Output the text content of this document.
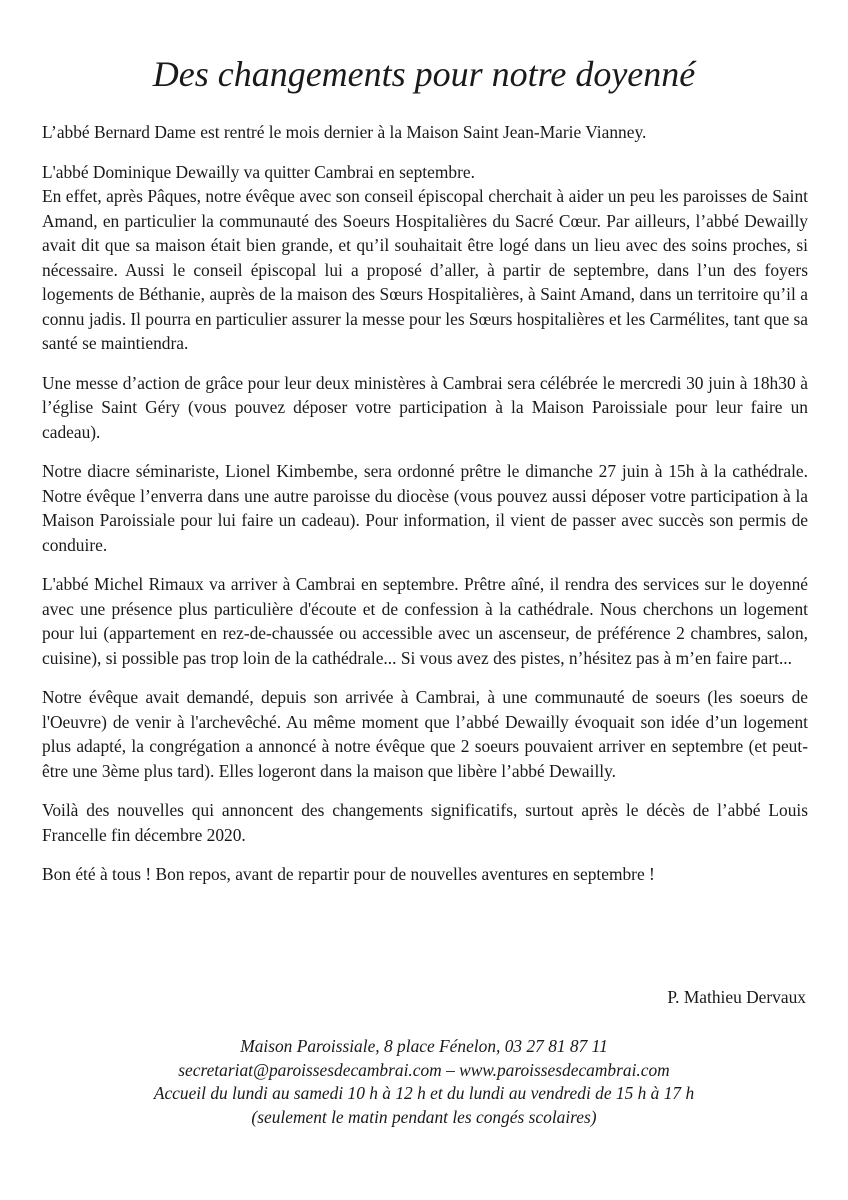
Des changements pour notre doyenné

L’abbé Bernard Dame est rentré le mois dernier à la Maison Saint Jean-Marie Vianney.

L'abbé Dominique Dewailly va quitter Cambrai en septembre.
En effet, après Pâques, notre évêque avec son conseil épiscopal cherchait à aider un peu les paroisses de Saint Amand, en particulier la communauté des Soeurs Hospitalières du Sacré Cœur. Par ailleurs, l’abbé Dewailly avait dit que sa maison était bien grande, et qu’il souhaitait être logé dans un lieu avec des soins proches, si nécessaire. Aussi le conseil épiscopal lui a proposé d’aller, à partir de septembre, dans l’un des foyers logements de Béthanie, auprès de la maison des Sœurs Hospitalières, à Saint Amand, dans un territoire qu’il a connu jadis. Il pourra en particulier assurer la messe pour les Sœurs hospitalières et les Carmélites, tant que sa santé se maintiendra.

Une messe d’action de grâce pour leur deux ministères à Cambrai sera célébrée le mercredi 30 juin à 18h30 à l’église Saint Géry (vous pouvez déposer votre participation à la Maison Paroissiale pour leur faire un cadeau).

Notre diacre séminariste, Lionel Kimbembe, sera ordonné prêtre le dimanche 27 juin à 15h à la cathédrale. Notre évêque l’enverra dans une autre paroisse du diocèse (vous pouvez aussi déposer votre participation à la Maison Paroissiale pour lui faire un cadeau). Pour information, il vient de passer avec succès son permis de conduire.

L'abbé Michel Rimaux va arriver à Cambrai en septembre. Prêtre aîné, il rendra des services sur le doyenné avec une présence plus particulière d'écoute et de confession à la cathédrale. Nous cherchons un logement pour lui (appartement en rez-de-chaussée ou accessible avec un ascenseur, de préférence 2 chambres, salon, cuisine), si possible pas trop loin de la cathédrale... Si vous avez des pistes, n’hésitez pas à m’en faire part...

Notre évêque avait demandé, depuis son arrivée à Cambrai, à une communauté de soeurs (les soeurs de l'Oeuvre) de venir à l'archevêché. Au même moment que l’abbé Dewailly évoquait son idée d’un logement plus adapté, la congrégation a annoncé à notre évêque que 2 soeurs pouvaient arriver en septembre (et peut-être une 3ème plus tard). Elles logeront dans la maison que libère l’abbé Dewailly.

Voilà des nouvelles qui annoncent des changements significatifs, surtout après le décès de l’abbé Louis Francelle fin décembre 2020.

Bon été à tous ! Bon repos, avant de repartir pour de nouvelles aventures en septembre !

P. Mathieu Dervaux
Maison Paroissiale, 8 place Fénelon, 03 27 81 87 11
secretariat@paroissesdecambrai.com – www.paroissesdecambrai.com
Accueil du lundi au samedi 10 h à 12 h et du lundi au vendredi de 15 h à 17 h
(seulement le matin pendant les congés scolaires)
